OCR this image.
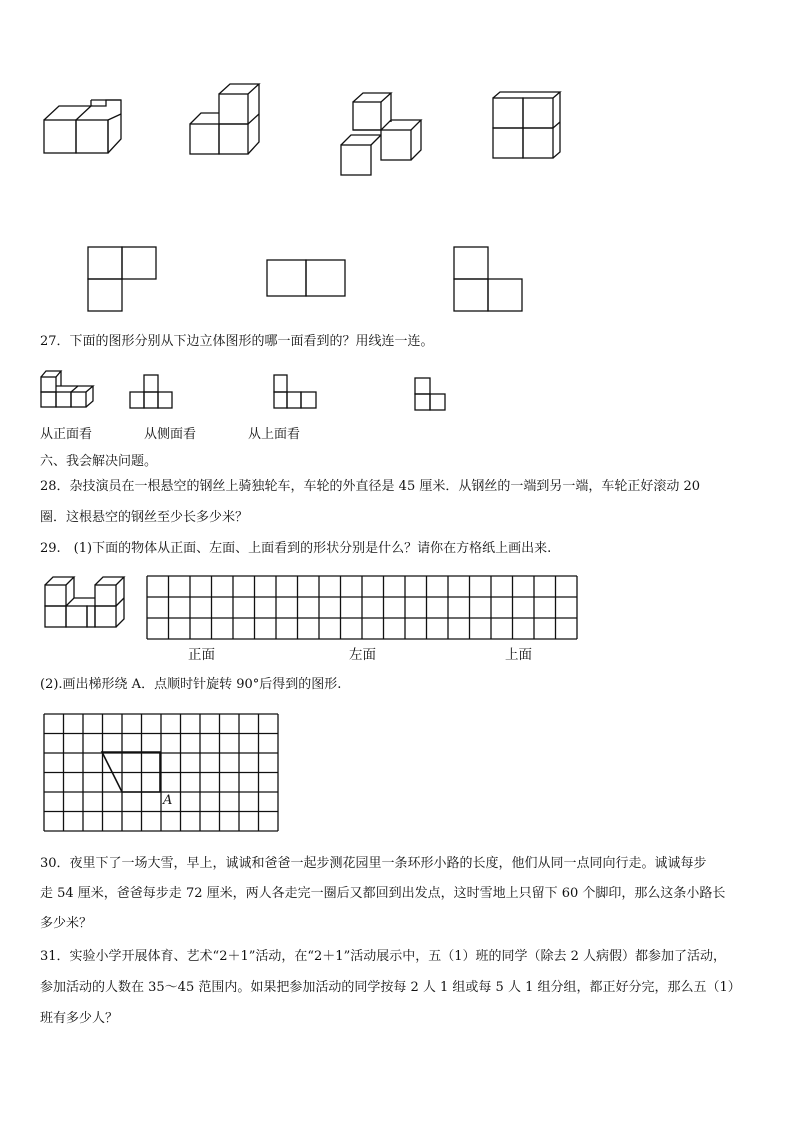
27．下面的图形分别从下边立体图形的哪一面看到的？用线连一连。
从正面看	从侧面看	从上面看
六、我会解决问题。
28．杂技演员在一根悬空的钢丝上骑独轮车，车轮的外直径是 45 厘米．从钢丝的一端到另一端，车轮正好滚动 20
圈．这根悬空的钢丝至少长多少米？
29.　(1)下面的物体从正面、左面、上面看到的形状分别是什么？请你在方格纸上画出来.
正面	左面	上面
(2).画出梯形绕 A．点顺时针旋转 90°后得到的图形.
A
30．夜里下了一场大雪，早上，诚诚和爸爸一起步测花园里一条环形小路的长度，他们从同一点同向行走。诚诚每步
走 54 厘米，爸爸每步走 72 厘米，两人各走完一圈后又都回到出发点，这时雪地上只留下 60 个脚印，那么这条小路长
多少米？
31．实验小学开展体育、艺术“2＋1”活动，在“2＋1”活动展示中，五（1）班的同学（除去 2 人病假）都参加了活动，
参加活动的人数在 35～45 范围内。如果把参加活动的同学按每 2 人 1 组或每 5 人 1 组分组，都正好分完，那么五（1）
班有多少人？
